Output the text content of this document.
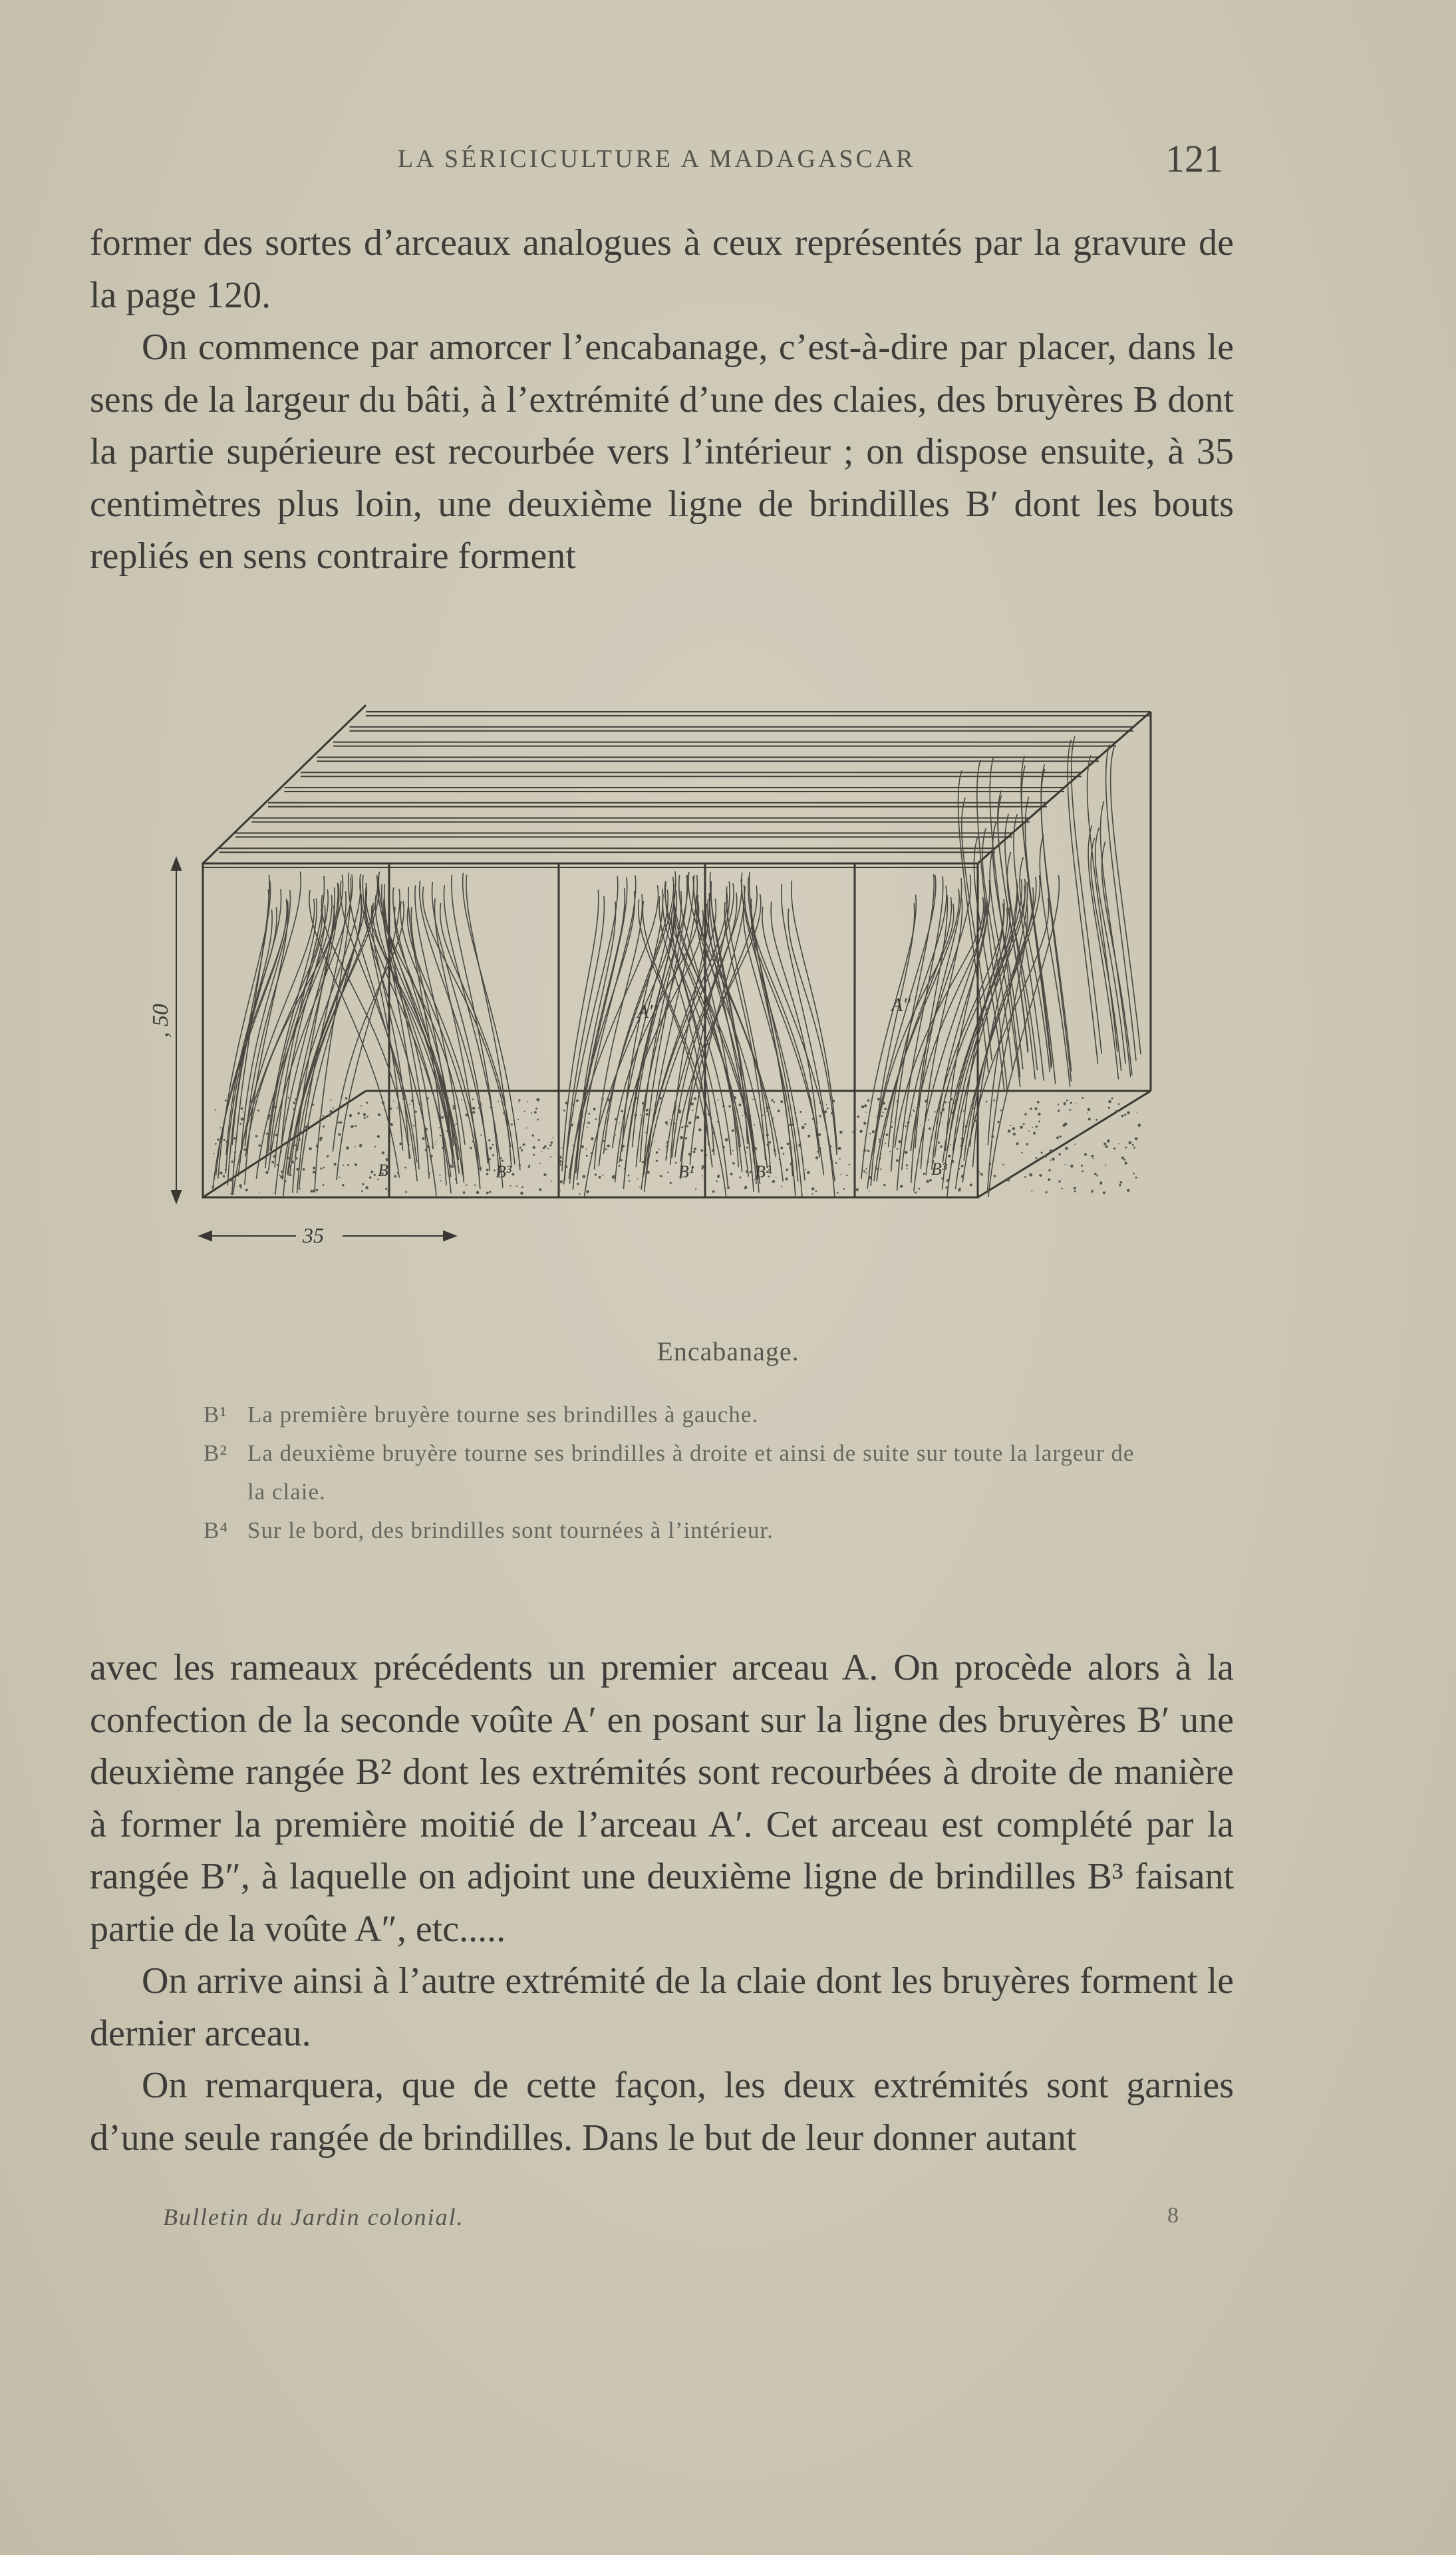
LA SÉRICICULTURE A MADAGASCAR	121

former des sortes d’arceaux analogues à ceux représentés par la gravure de la page 120.

On commence par amorcer l’encabanage, c’est-à-dire par placer, dans le sens de la largeur du bâti, à l’extrémité d’une des claies, des bruyères B dont la partie supérieure est recourbée vers l’intérieur ; on dispose ensuite, à 35 centimètres plus loin, une deuxième ligne de brindilles B′ dont les bouts repliés en sens contraire forment

, 50
35
A′	A″
B	B³	B¹	B²	B³
Encabanage.
B¹ La première bruyère tourne ses brindilles à gauche.
B² La deuxième bruyère tourne ses brindilles à droite et ainsi de suite sur toute la largeur de la claie.
B⁴ Sur le bord, des brindilles sont tournées à l’intérieur.

avec les rameaux précédents un premier arceau A. On procède alors à la confection de la seconde voûte A′ en posant sur la ligne des bruyères B′ une deuxième rangée B² dont les extrémités sont recourbées à droite de manière à former la première moitié de l’arceau A′. Cet arceau est complété par la rangée B″, à laquelle on adjoint une deuxième ligne de brindilles B³ faisant partie de la voûte A″, etc.....

On arrive ainsi à l’autre extrémité de la claie dont les bruyères forment le dernier arceau.

On remarquera, que de cette façon, les deux extrémités sont garnies d’une seule rangée de brindilles. Dans le but de leur donner autant

Bulletin du Jardin colonial.	8
